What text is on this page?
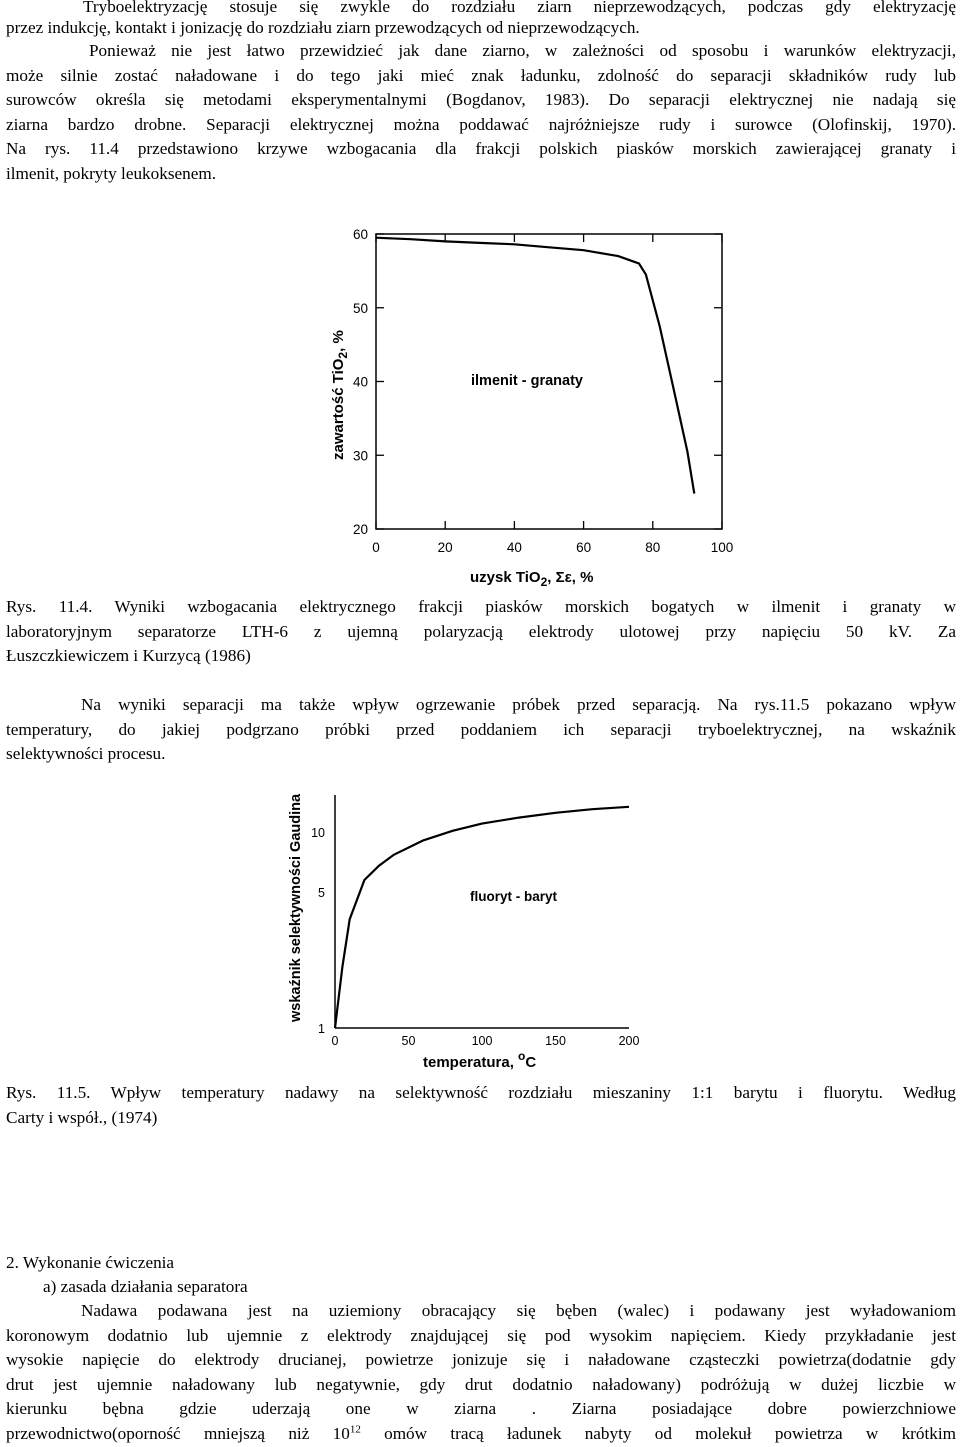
Tryboelektryzację stosuje się zwykle do rozdziału ziarn nieprzewodzących, podczas gdy elektryzację
przez indukcję, kontakt i jonizację do rozdziału ziarn przewodzących od nieprzewodzących.
Ponieważ nie jest łatwo przewidzieć jak dane ziarno, w zależności od sposobu i warunków elektryzacji,
może silnie zostać naładowane i do tego jaki mieć znak ładunku, zdolność do separacji składników rudy lub
surowców określa się metodami eksperymentalnymi (Bogdanov, 1983). Do separacji elektrycznej nie nadają się
ziarna bardzo drobne. Separacji elektrycznej można poddawać najróżniejsze rudy i surowce (Olofinskij, 1970).
Na rys. 11.4 przedstawiono krzywe wzbogacania dla frakcji polskich piasków morskich zawierającej granaty i
ilmenit, pokryty leukoksenem.
0	20	40	60	80	100
60
50
40
30
20
zawartość TiO$_2$, %
uzysk TiO$_2$, Σε, %
ilmenit - granaty
Rys. 11.4. Wyniki wzbogacania elektrycznego frakcji piasków morskich bogatych w ilmenit i granaty w
laboratoryjnym separatorze LTH-6 z ujemną polaryzacją elektrody ulotowej przy napięciu 50 kV. Za
Łuszczkiewiczem i Kurzycą (1986)
Na wyniki separacji ma także wpływ ogrzewanie próbek przed separacją. Na rys.11.5 pokazano wpływ
temperatury, do jakiej podgrzano próbki przed poddaniem ich separacji tryboelektrycznej, na wskaźnik
selektywności procesu.
0	50	100	150	200
10
5
1
wskaźnik selektywności Gaudina
temperatura, $^o$C
fluoryt - baryt
Rys. 11.5. Wpływ temperatury nadawy na selektywność rozdziału mieszaniny 1:1 barytu i fluorytu. Według
Carty i współ., (1974)
2. Wykonanie ćwiczenia
a) zasada działania separatora
Nadawa podawana jest na uziemiony obracający się bęben (walec) i podawany jest wyładowaniom
koronowym dodatnio lub ujemnie z elektrody znajdującej się pod wysokim napięciem. Kiedy przykładanie jest
wysokie napięcie do elektrody drucianej, powietrze jonizuje się i naładowane cząsteczki powietrza(dodatnie gdy
drut jest ujemnie naładowany lub negatywnie, gdy drut dodatnio naładowany) podróżują w dużej liczbie w
kierunku bębna gdzie uderzają one w ziarna . Ziarna posiadające dobre powierzchniowe
przewodnictwo(oporność mniejszą niż $10^{12}$ omów tracą ładunek nabyty od molekuł powietrza w krótkim
